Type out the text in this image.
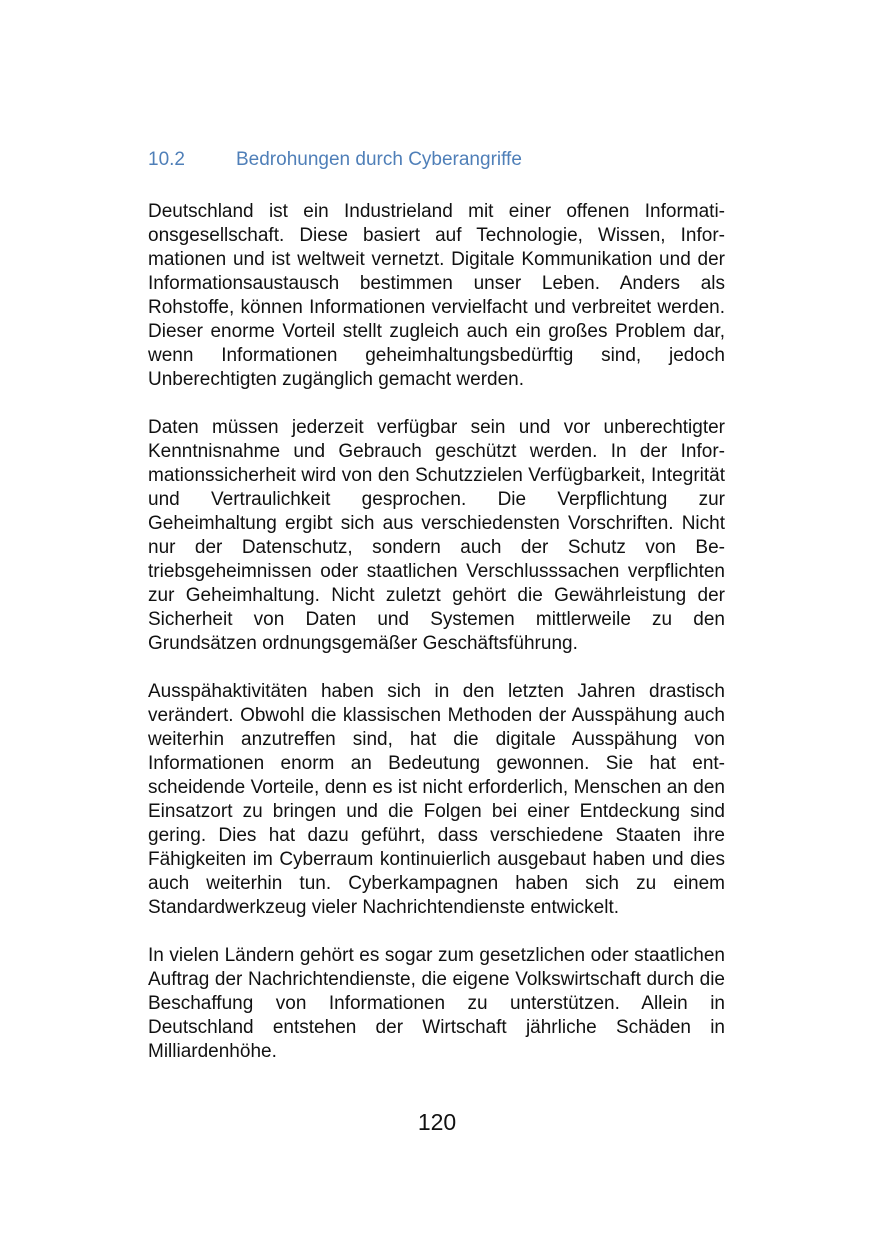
10.2	Bedrohungen durch Cyberangriffe

Deutschland ist ein Industrieland mit einer offenen Informationsgesellschaft. Diese basiert auf Technologie, Wissen, Informationen und ist weltweit vernetzt. Digitale Kommunikation und der Informationsaustausch bestimmen unser Leben. Anders als Rohstoffe, können Informationen vervielfacht und verbreitet werden. Dieser enorme Vorteil stellt zugleich auch ein großes Problem dar, wenn Informationen geheimhaltungsbedürftig sind, jedoch Unberechtigten zugänglich gemacht werden.

Daten müssen jederzeit verfügbar sein und vor unberechtigter Kenntnisnahme und Gebrauch geschützt werden. In der Informationssicherheit wird von den Schutzzielen Verfügbarkeit, Integrität und Vertraulichkeit gesprochen. Die Verpflichtung zur Geheimhaltung ergibt sich aus verschiedensten Vorschriften. Nicht nur der Datenschutz, sondern auch der Schutz von Betriebsgeheimnissen oder staatlichen Verschlusssachen verpflichten zur Geheimhaltung. Nicht zuletzt gehört die Gewährleistung der Sicherheit von Daten und Systemen mittlerweile zu den Grundsätzen ordnungsgemäßer Geschäftsführung.

Ausspähaktivitäten haben sich in den letzten Jahren drastisch verändert. Obwohl die klassischen Methoden der Ausspähung auch weiterhin anzutreffen sind, hat die digitale Ausspähung von Informationen enorm an Bedeutung gewonnen. Sie hat entscheidende Vorteile, denn es ist nicht erforderlich, Menschen an den Einsatzort zu bringen und die Folgen bei einer Entdeckung sind gering. Dies hat dazu geführt, dass verschiedene Staaten ihre Fähigkeiten im Cyberraum kontinuierlich ausgebaut haben und dies auch weiterhin tun. Cyberkampagnen haben sich zu einem Standardwerkzeug vieler Nachrichtendienste entwickelt.

In vielen Ländern gehört es sogar zum gesetzlichen oder staatlichen Auftrag der Nachrichtendienste, die eigene Volkswirtschaft durch die Beschaffung von Informationen zu unterstützen. Allein in Deutschland entstehen der Wirtschaft jährliche Schäden in Milliardenhöhe.

120
